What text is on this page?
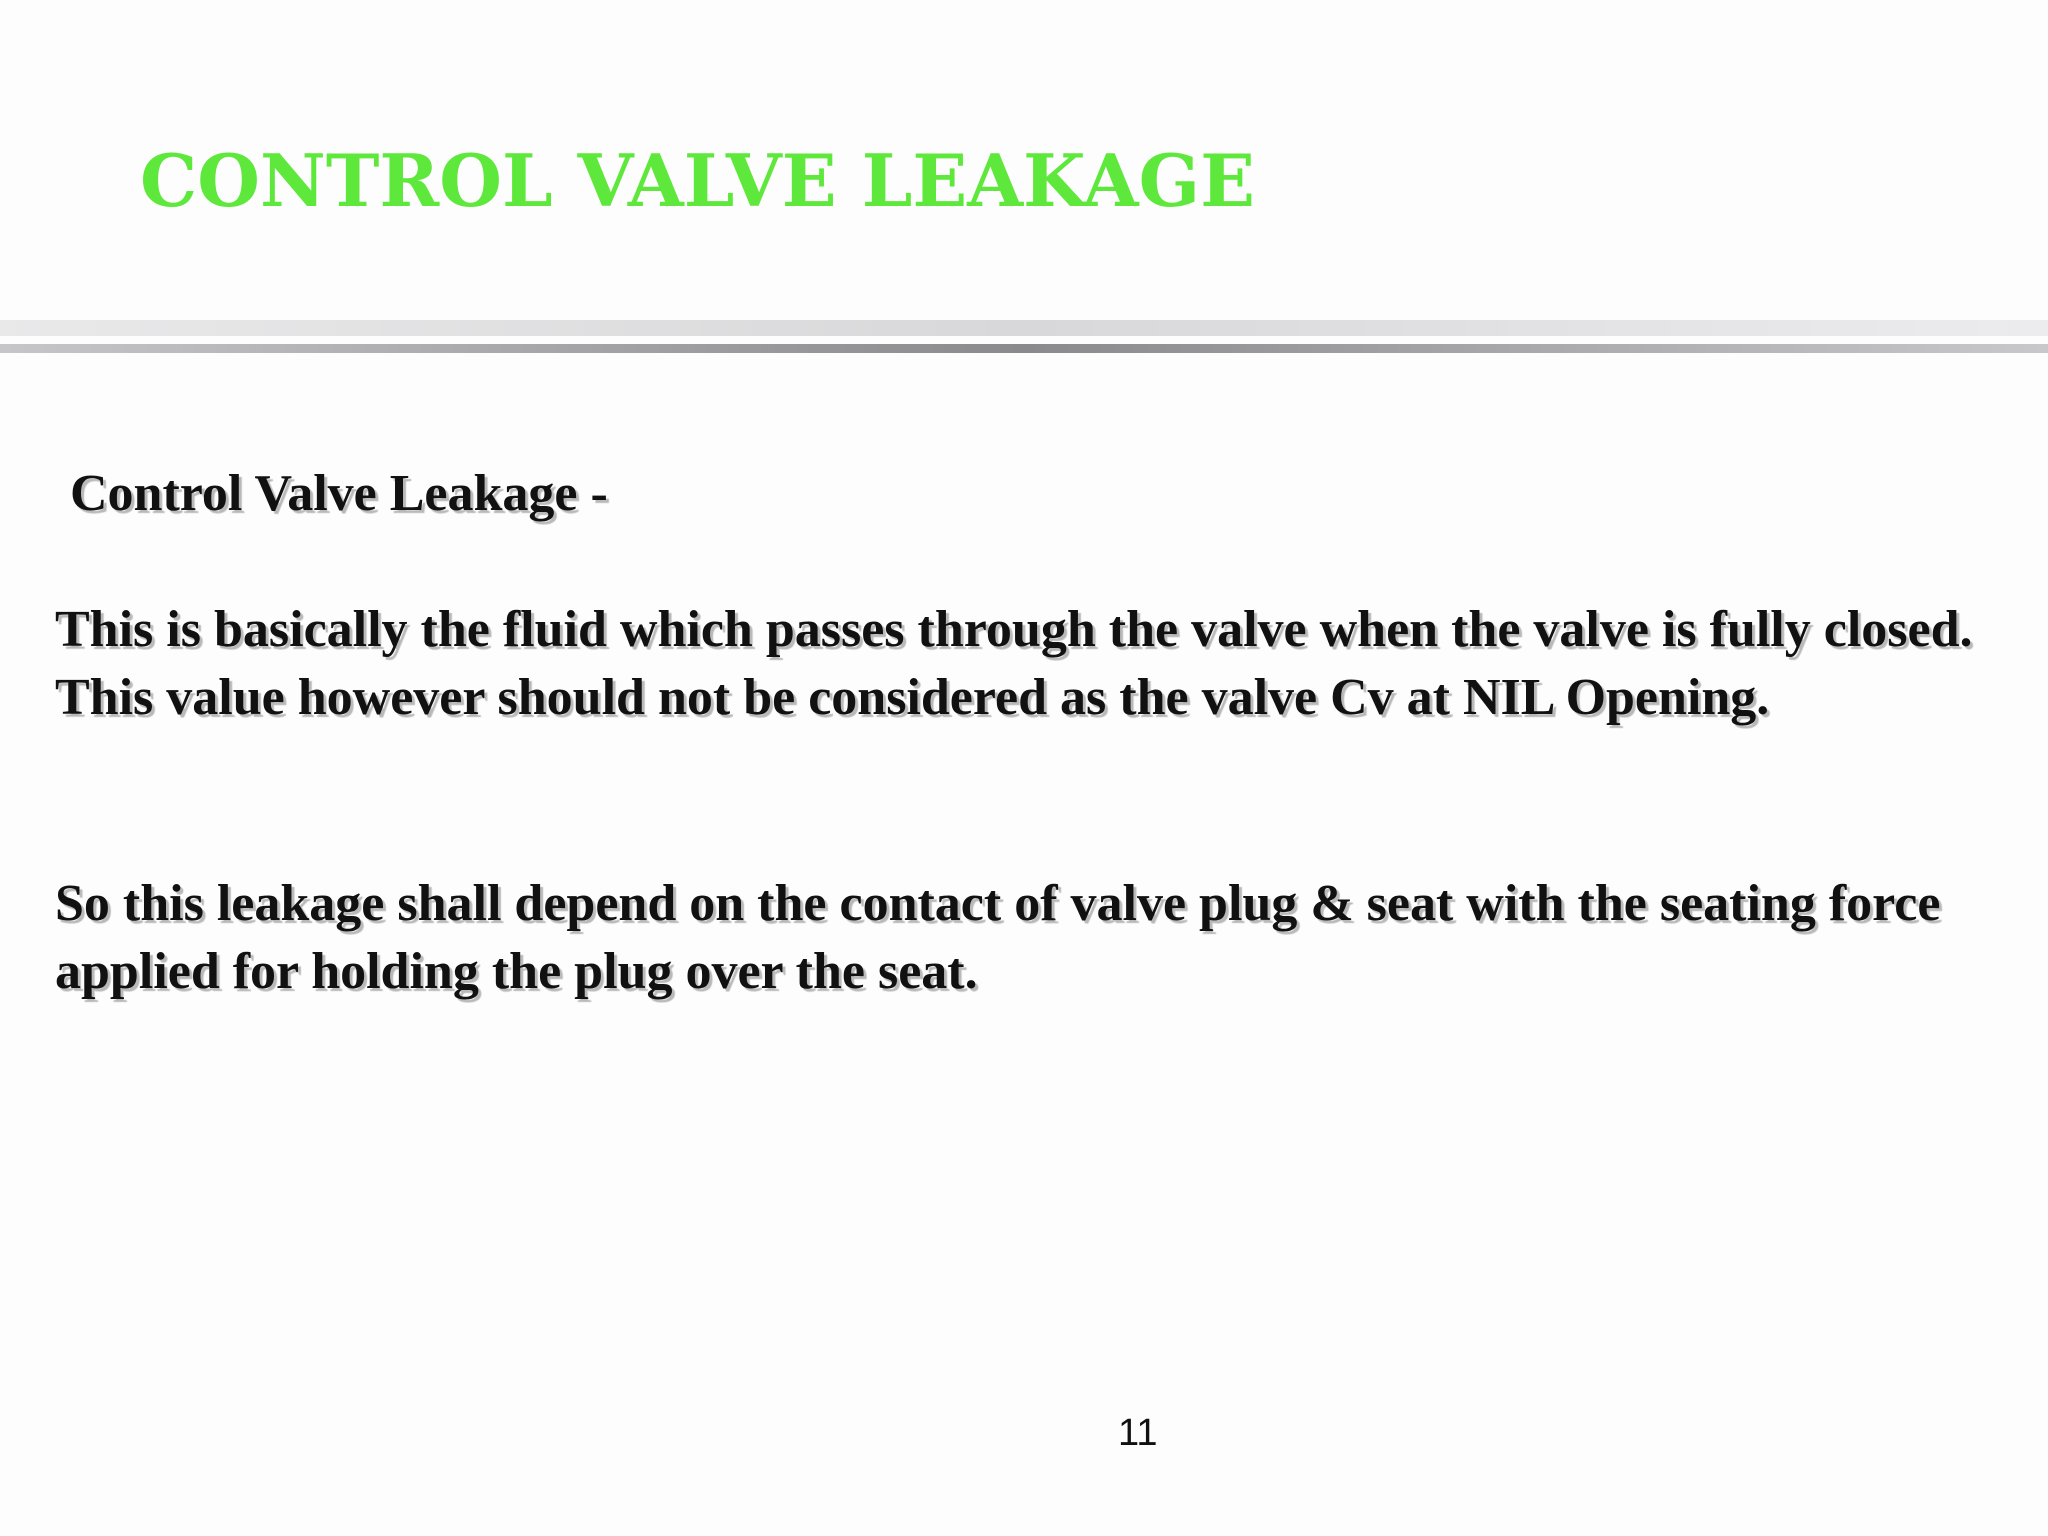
CONTROL VALVE LEAKAGE

Control Valve Leakage -

This is basically the fluid which passes through the valve when the valve is fully closed. This value however should not be considered as the valve Cv at NIL Opening.

So this leakage shall depend on the contact of valve plug & seat with the seating force applied for holding the plug over the seat.

11
